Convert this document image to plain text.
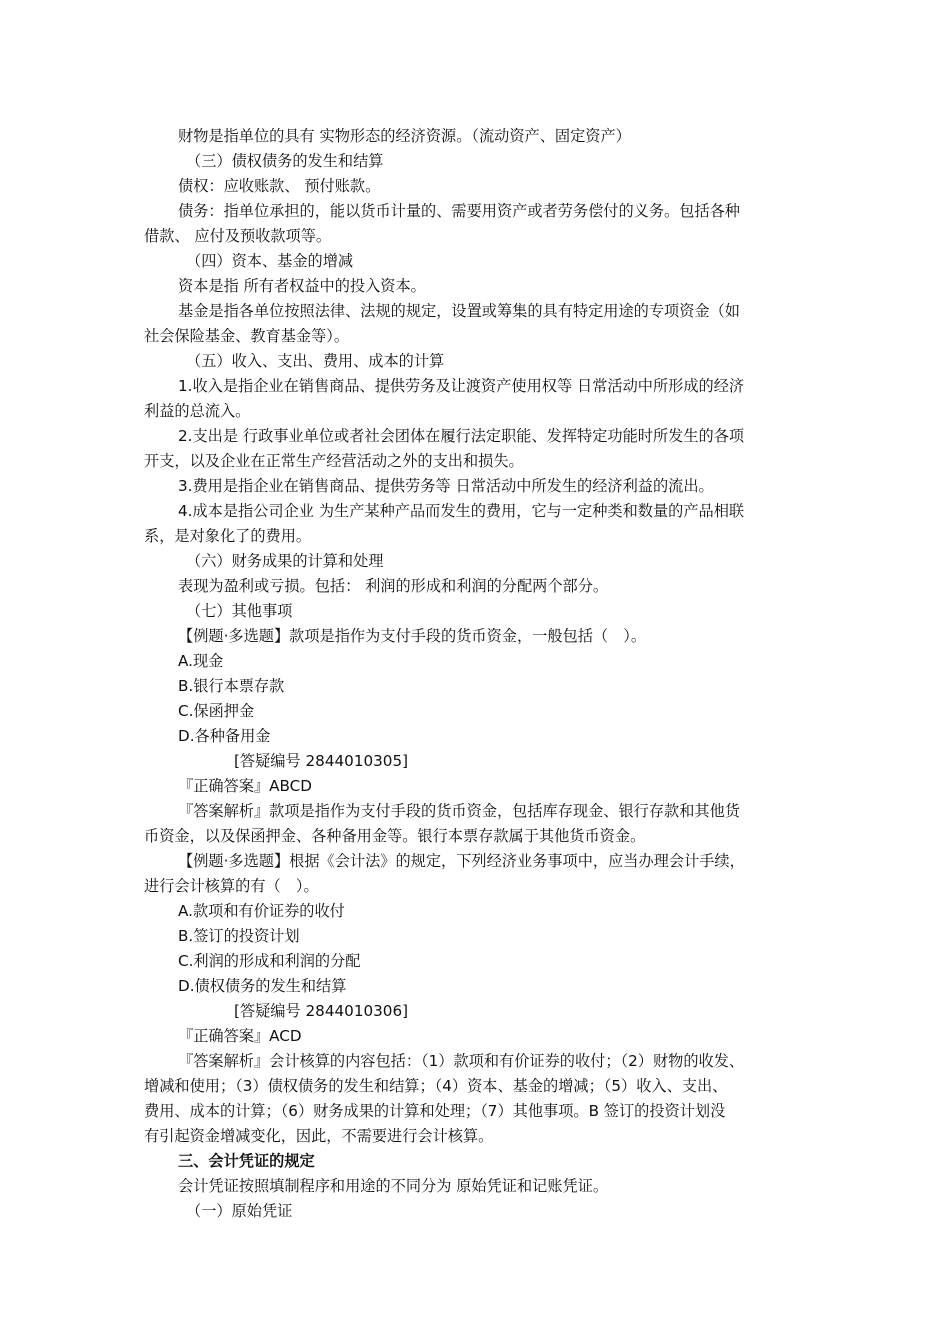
财物是指单位的具有 实物形态的经济资源。（流动资产、固定资产）
（三）债权债务的发生和结算
债权：应收账款、 预付账款。
债务：指单位承担的，能以货币计量的、需要用资产或者劳务偿付的义务。包括各种
借款、 应付及预收款项等。
（四）资本、基金的增减
资本是指 所有者权益中的投入资本。
基金是指各单位按照法律、法规的规定，设置或筹集的具有特定用途的专项资金（如
社会保险基金、教育基金等）。
（五）收入、支出、费用、成本的计算
1.收入是指企业在销售商品、提供劳务及让渡资产使用权等 日常活动中所形成的经济
利益的总流入。
2.支出是 行政事业单位或者社会团体在履行法定职能、发挥特定功能时所发生的各项
开支，以及企业在正常生产经营活动之外的支出和损失。
3.费用是指企业在销售商品、提供劳务等 日常活动中所发生的经济利益的流出。
4.成本是指公司企业 为生产某种产品而发生的费用，它与一定种类和数量的产品相联
系，是对象化了的费用。
（六）财务成果的计算和处理
表现为盈利或亏损。包括： 利润的形成和利润的分配两个部分。
（七）其他事项
【例题·多选题】款项是指作为支付手段的货币资金，一般包括（　）。
A.现金
B.银行本票存款
C.保函押金
D.各种备用金
[答疑编号 2844010305]
『正确答案』ABCD
『答案解析』款项是指作为支付手段的货币资金，包括库存现金、银行存款和其他货
币资金，以及保函押金、各种备用金等。银行本票存款属于其他货币资金。
【例题·多选题】根据《会计法》的规定，下列经济业务事项中，应当办理会计手续，
进行会计核算的有（　）。
A.款项和有价证券的收付
B.签订的投资计划
C.利润的形成和利润的分配
D.债权债务的发生和结算
[答疑编号 2844010306]
『正确答案』ACD
『答案解析』会计核算的内容包括：（1）款项和有价证券的收付；（2）财物的收发、
增减和使用；（3）债权债务的发生和结算；（4）资本、基金的增减；（5）收入、支出、
费用、成本的计算；（6）财务成果的计算和处理；（7）其他事项。B 签订的投资计划没
有引起资金增减变化，因此，不需要进行会计核算。
三、会计凭证的规定
会计凭证按照填制程序和用途的不同分为 原始凭证和记账凭证。
（一）原始凭证
